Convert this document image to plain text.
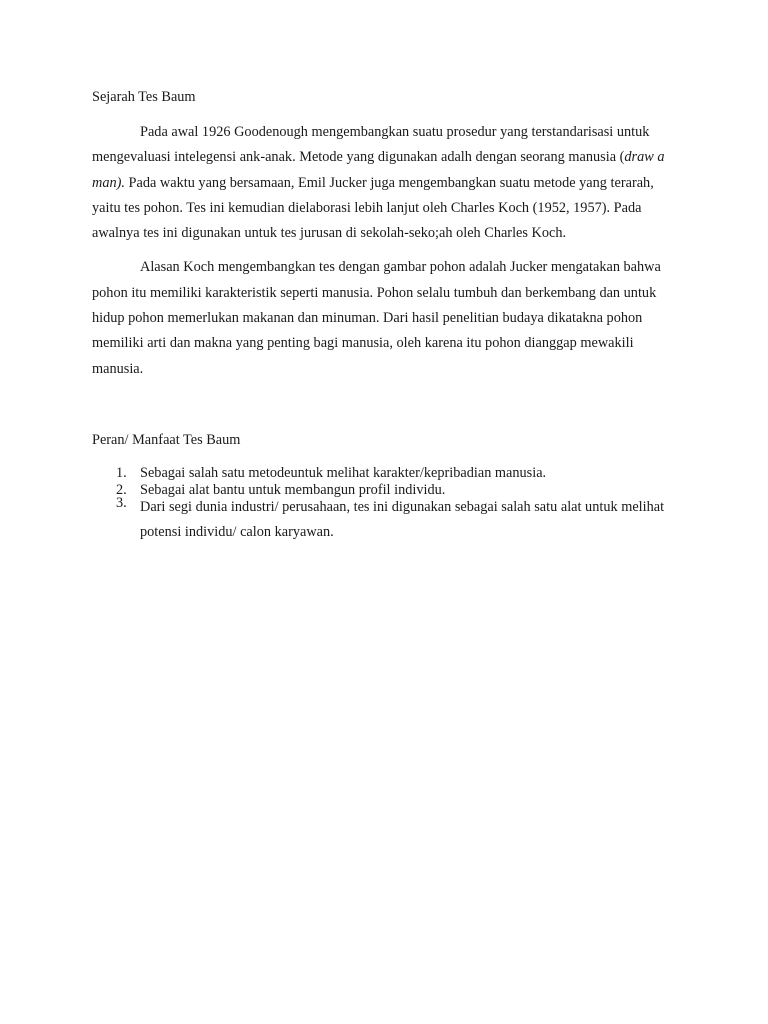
Sejarah Tes Baum

Pada awal 1926 Goodenough mengembangkan suatu prosedur yang terstandarisasi untuk mengevaluasi intelegensi ank-anak. Metode yang digunakan adalh dengan seorang manusia (draw a man). Pada waktu yang bersamaan, Emil Jucker juga mengembangkan suatu metode yang terarah, yaitu tes pohon. Tes ini kemudian dielaborasi lebih lanjut oleh Charles Koch (1952, 1957). Pada awalnya tes ini digunakan untuk tes jurusan di sekolah-seko;ah oleh Charles Koch.

Alasan Koch mengembangkan tes dengan gambar pohon adalah Jucker mengatakan bahwa pohon itu memiliki karakteristik seperti manusia. Pohon selalu tumbuh dan berkembang dan untuk hidup pohon memerlukan makanan dan minuman. Dari hasil penelitian budaya dikatakna pohon memiliki arti dan makna yang penting bagi manusia, oleh karena itu pohon dianggap mewakili manusia.

Peran/ Manfaat Tes Baum
1. Sebagai salah satu metodeuntuk melihat karakter/kepribadian manusia.
2. Sebagai alat bantu untuk membangun profil individu.
3. Dari segi dunia industri/ perusahaan, tes ini digunakan sebagai salah satu alat untuk melihat potensi individu/ calon karyawan.
